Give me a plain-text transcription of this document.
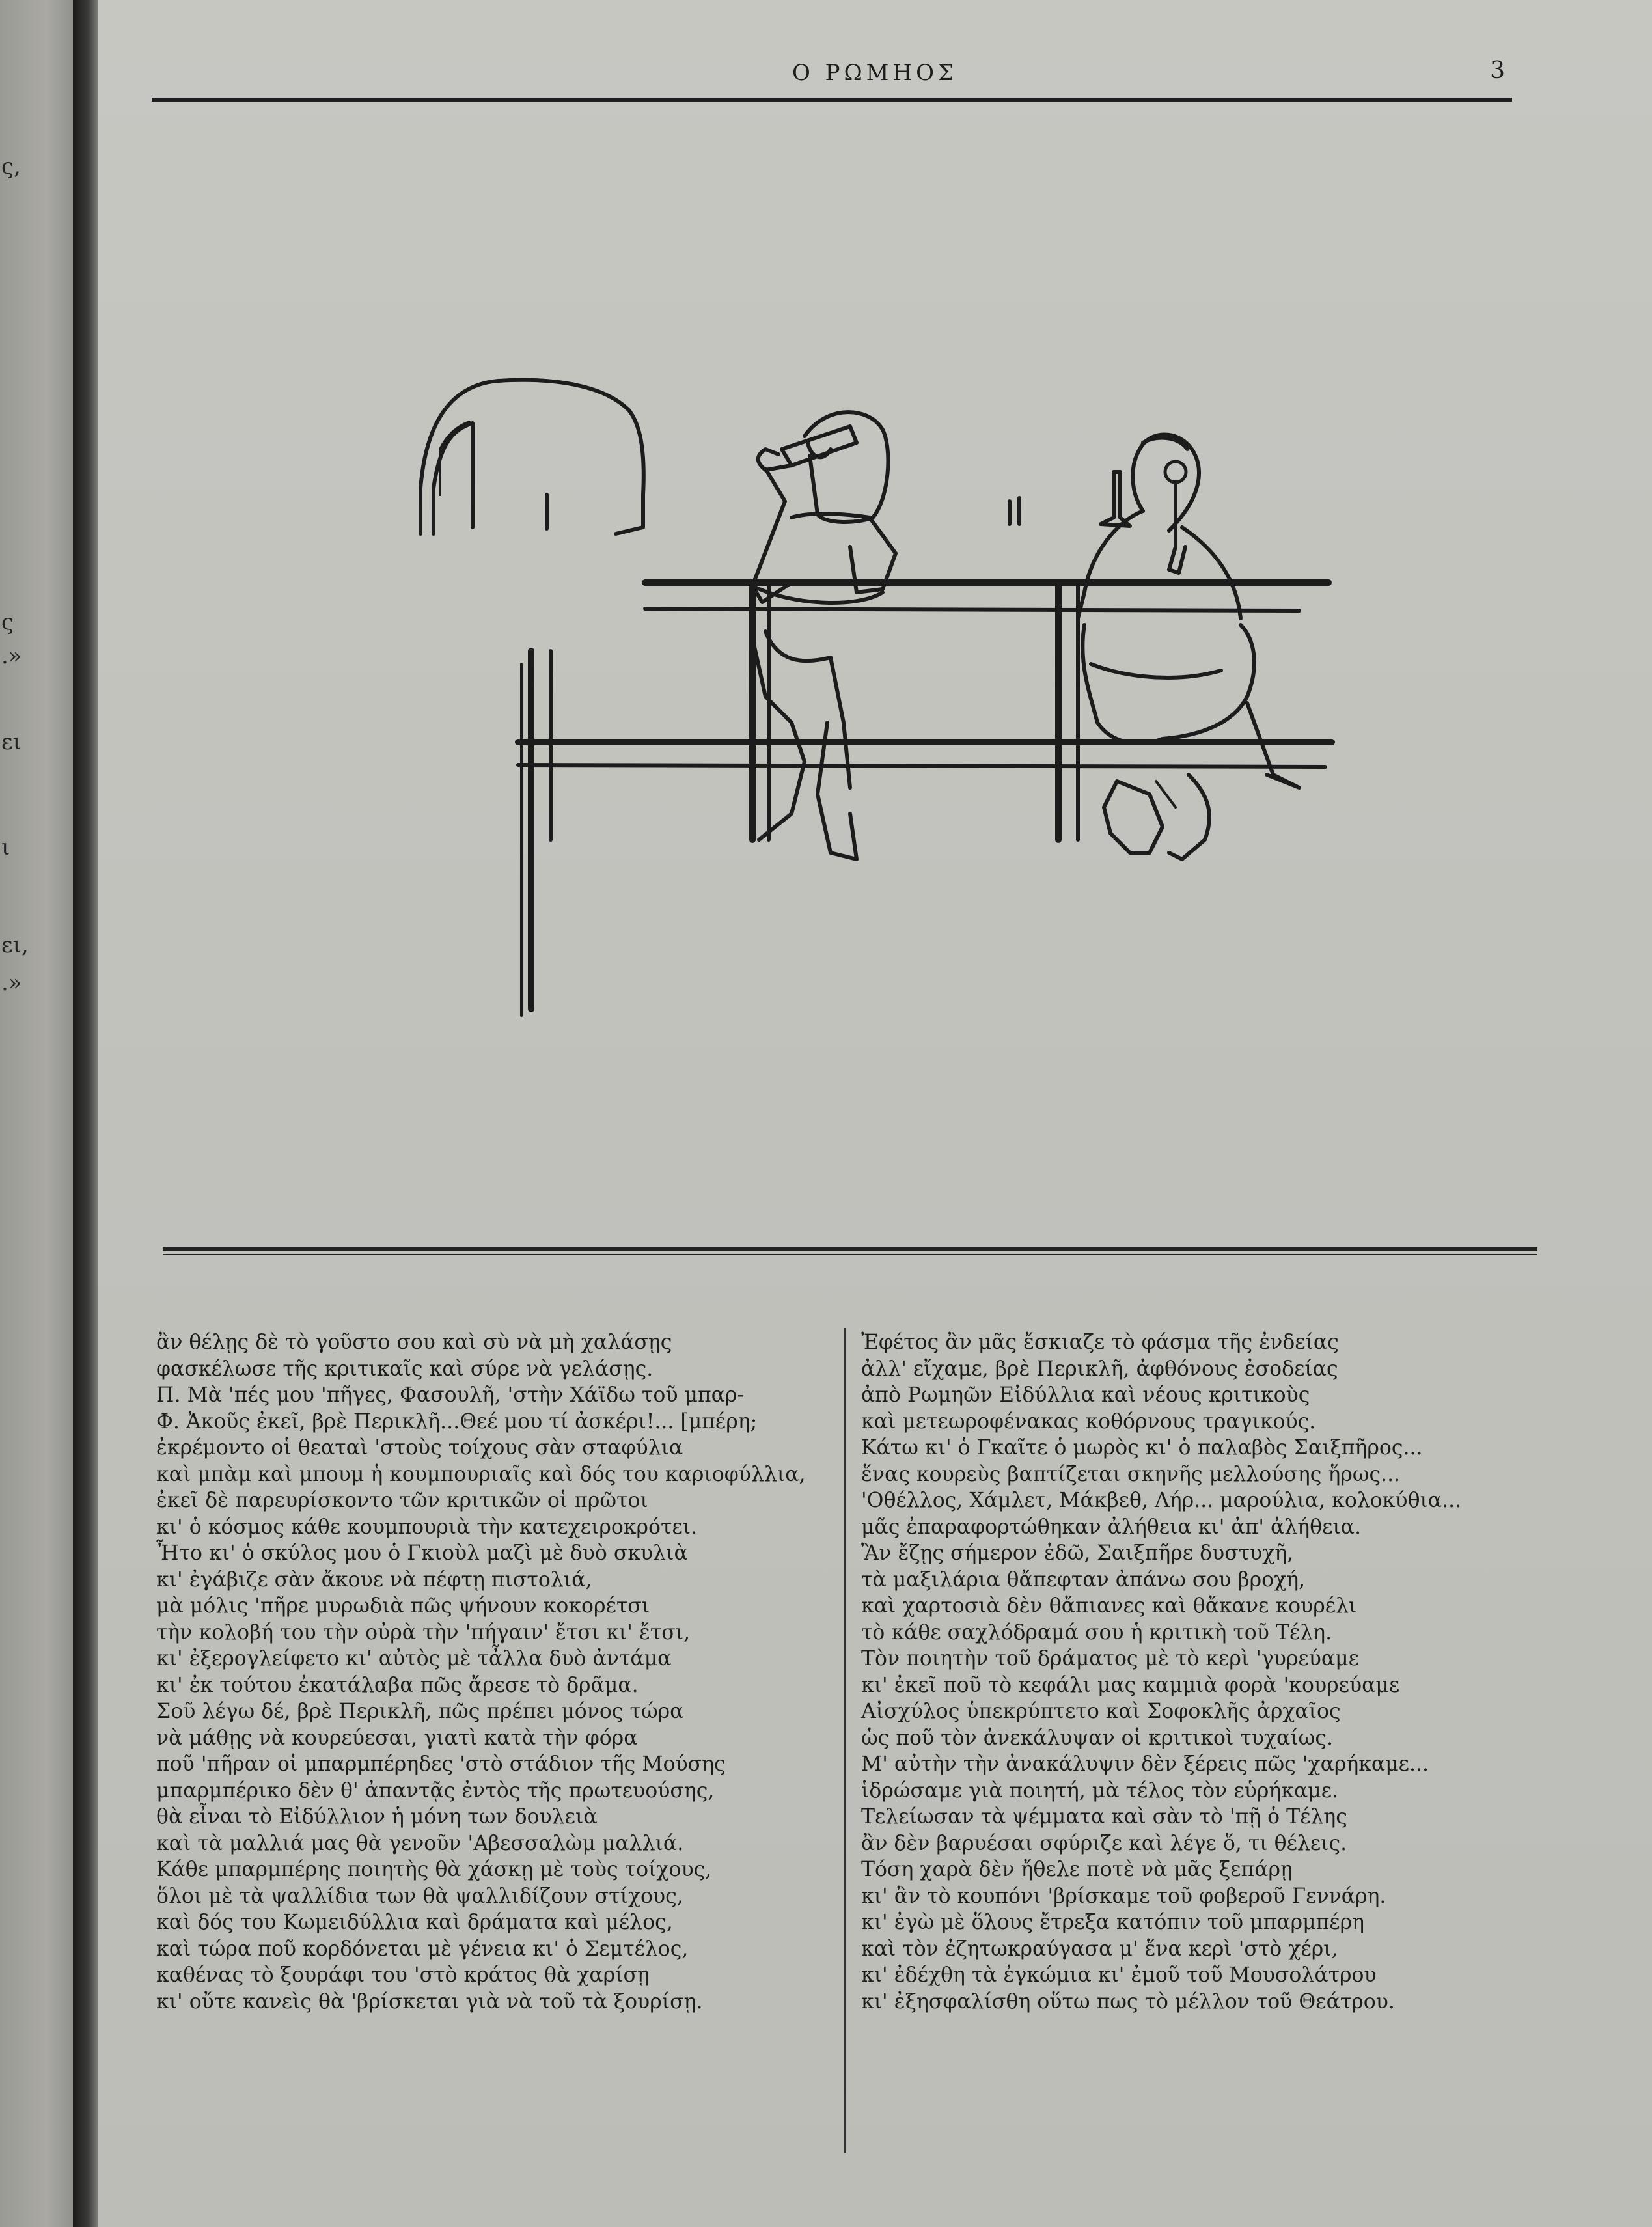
ς,
ς
.»
ει
ι
ει,
.»
Ο ΡΩΜΗΟΣ	3
ἂν θέλῃς δὲ τὸ γοῦστο σου καὶ σὺ νὰ μὴ χαλάσῃς
φασκέλωσε τῆς κριτικαῖς καὶ σύρε νὰ γελάσῃς.
Π. Μὰ 'πές μου 'πῆγες, Φασουλῆ, 'στὴν Χάϊδω τοῦ μπαρ-
Φ. Ἀκοῦς ἐκεῖ, βρὲ Περικλῆ...Θεέ μου τί ἀσκέρι!... [μπέρη;
ἐκρέμοντο οἱ θεαταὶ 'στοὺς τοίχους σὰν σταφύλια
καὶ μπὰμ καὶ μπουμ ἡ κουμπουριαῖς καὶ δός του καριοφύλλια,
ἐκεῖ δὲ παρευρίσκοντο τῶν κριτικῶν οἱ πρῶτοι
κι' ὁ κόσμος κάθε κουμπουριὰ τὴν κατεχειροκρότει.
Ἦτο κι' ὁ σκύλος μου ὁ Γκιοὺλ μαζὶ μὲ δυὸ σκυλιὰ
κι' ἐγάβιζε σὰν ἄκουε νὰ πέφτῃ πιστολιά,
μὰ μόλις 'πῆρε μυρωδιὰ πῶς ψήνουν κοκορέτσι
τὴν κολοβή του τὴν οὐρὰ τὴν 'πήγαιν' ἔτσι κι' ἔτσι,
κι' ἐξερογλείφετο κι' αὐτὸς μὲ τἆλλα δυὸ ἀντάμα
κι' ἐκ τούτου ἐκατάλαβα πῶς ἄρεσε τὸ δρᾶμα.
Σοῦ λέγω δέ, βρὲ Περικλῆ, πῶς πρέπει μόνος τώρα
νὰ μάθῃς νὰ κουρεύεσαι, γιατὶ κατὰ τὴν φόρα
ποῦ 'πῆραν οἱ μπαρμπέρηδες 'στὸ στάδιον τῆς Μούσης
μπαρμπέρικο δὲν θ' ἀπαντᾷς ἐντὸς τῆς πρωτευούσης,
θὰ εἶναι τὸ Εἰδύλλιον ἡ μόνη των δουλειὰ
καὶ τὰ μαλλιά μας θὰ γενοῦν 'Αβεσσαλὼμ μαλλιά.
Κάθε μπαρμπέρης ποιητὴς θὰ χάσκῃ μὲ τοὺς τοίχους,
ὅλοι μὲ τὰ ψαλλίδια των θὰ ψαλλιδίζουν στίχους,
καὶ δός του Κωμειδύλλια καὶ δράματα καὶ μέλος,
καὶ τώρα ποῦ κορδόνεται μὲ γένεια κι' ὁ Σεμτέλος,
καθένας τὸ ξουράφι του 'στὸ κράτος θὰ χαρίσῃ
κι' οὔτε κανεὶς θὰ 'βρίσκεται γιὰ νὰ τοῦ τὰ ξουρίσῃ.
Ἐφέτος ἂν μᾶς ἔσκιαζε τὸ φάσμα τῆς ἐνδείας
ἀλλ' εἴχαμε, βρὲ Περικλῆ, ἀφθόνους ἐσοδείας
ἀπὸ Ρωμηῶν Εἰδύλλια καὶ νέους κριτικοὺς
καὶ μετεωροφένακας κοθόρνους τραγικούς.
Κάτω κι' ὁ Γκαῖτε ὁ μωρὸς κι' ὁ παλαβὸς Σαιξπῆρος...
ἕνας κουρεὺς βαπτίζεται σκηνῆς μελλούσης ἥρως...
'Οθέλλος, Χάμλετ, Μάκβεθ, Λήρ... μαρούλια, κολοκύθια...
μᾶς ἐπαραφορτώθηκαν ἀλήθεια κι' ἀπ' ἀλήθεια.
Ἂν ἔζῃς σήμερον ἐδῶ, Σαιξπῆρε δυστυχῆ,
τὰ μαξιλάρια θἄπεφταν ἀπάνω σου βροχή,
καὶ χαρτοσιὰ δὲν θἄπιανες καὶ θἄκανε κουρέλι
τὸ κάθε σαχλόδραμά σου ἡ κριτικὴ τοῦ Τέλη.
Τὸν ποιητὴν τοῦ δράματος μὲ τὸ κερὶ 'γυρεύαμε
κι' ἐκεῖ ποῦ τὸ κεφάλι μας καμμιὰ φορὰ 'κουρεύαμε
Αἰσχύλος ὑπεκρύπτετο καὶ Σοφοκλῆς ἀρχαῖος
ὡς ποῦ τὸν ἀνεκάλυψαν οἱ κριτικοὶ τυχαίως.
Μ' αὐτὴν τὴν ἀνακάλυψιν δὲν ξέρεις πῶς 'χαρήκαμε...
ἱδρώσαμε γιὰ ποιητή, μὰ τέλος τὸν εὑρήκαμε.
Τελείωσαν τὰ ψέμματα καὶ σὰν τὸ 'πῇ ὁ Τέλης
ἂν δὲν βαρυέσαι σφύριζε καὶ λέγε ὅ, τι θέλεις.
Τόση χαρὰ δὲν ἤθελε ποτὲ νὰ μᾶς ξεπάρῃ
κι' ἂν τὸ κουπόνι 'βρίσκαμε τοῦ φοβεροῦ Γεννάρη.
κι' ἐγὼ μὲ ὅλους ἔτρεξα κατόπιν τοῦ μπαρμπέρη
καὶ τὸν ἐζητωκραύγασα μ' ἕνα κερὶ 'στὸ χέρι,
κι' ἐδέχθη τὰ ἐγκώμια κι' ἐμοῦ τοῦ Μουσολάτρου
κι' ἐξησφαλίσθη οὕτω πως τὸ μέλλον τοῦ Θεάτρου.
